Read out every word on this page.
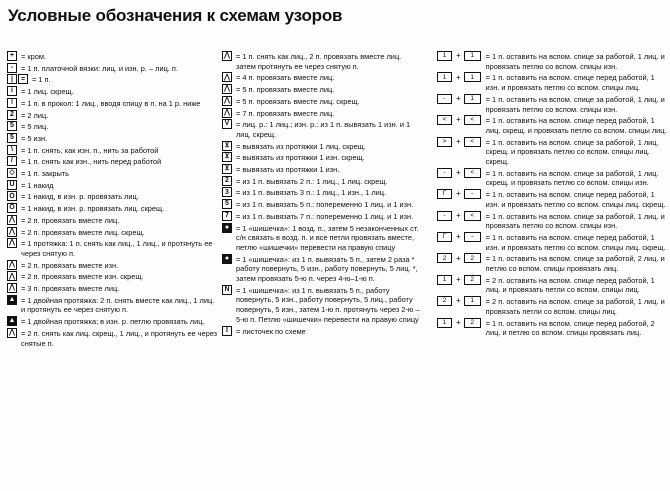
Условные обозначения к схемам узоров
+ = кром.
-	= 1 п. платочной вязки: лиц. и изн. р. – лиц. п.
|	= = 1 п.
Ꭵ	= 1 лиц. скрещ.
ǀ	= 1 п. в прокол: 1 лиц., вводя спицу в п. на 1 р. ниже
2 = 2 лиц.
5 = 5 лиц.
5 = 5 изн.
\	= 1 п. снять, как изн. п., нить за работой
/	= 1 п. снять как изн., нить перед работой
◇ = 1 п. закрыть
U = 1 накид
Ö = 1 накид, в изн. р. провязать лиц.
Ö = 1 накид, в изн. р. провязать лиц. скрещ.
⋀ = 2 п. провязать вместе лиц.
⋀ = 2 п. провязать вместе лиц. скрещ.
⋀ = 1 протяжка: 1 п. снять как лиц., 1 лиц., и протянуть ее через снятую п.
⋀ = 2 п. провязать вместе изн.
⋀ = 2 п. провязать вместе изн. скрещ.
⋀ = 3 п. провязать вместе лиц.
▲ = 1 двойная протяжка: 2 п. снять вместе как лиц., 1 лиц. и протянуть ее через снятую п.
▲ = 1 двойная протяжка; в изн. р. петлю провязать лиц.
⋀ = 2 п. снять как лиц. скрещ., 1 лиц., и протянуть ее через снятые п.
⋀ = 1 п. снять как лиц., 2 п. провязать вместе лиц. затем протянуть ее через снятую п.
⋀ = 4 п. провязать вместе лиц.
⋀ = 5 п. провязать вместе лиц.
⋀ = 5 п. провязать вместе лиц. скрещ.
⋀ = 7 п. провязать вместе лиц.
V = лиц. р.: 1 лиц.; изн. р.: из 1 п. вывязать 1 изн. и 1 лиц. скрещ.
⊻ = вывязать из протяжки 1 лиц. скрещ.
⊻ = вывязать из протяжки 1 изн. скрещ.
⊻ = вывязать из протяжки 1 изн.
2 = из 1 п. вывязать 2 п.: 1 лиц., 1 лиц. скрещ.
3 = из 1 п. вывязать 3 п.: 1 лиц., 1 изн., 1 лиц.
5 = из 1 п. вывязать 5 п.: попеременно 1 лиц. и 1 изн.
7 = из 1 п. вывязать 7 п.: попеременно 1 лиц. и 1 изн.
● = 1 «шишечка»: 1 возд. п., затем 5 незаконченных ст. с/н связать в возд. п. и все петли провязать вместе, петлю «шишечки» перевести на правую спицу
● = 1 «шишечка»: из 1 п. вывязать 5 п., затем 2 раза * работу повернуть, 5 изн., работу повернуть, 5 лиц. *, затем провязать 5-ю п. через 4-ю–1-ю п.
N = 1 «шишечка»: из 1 п. вывязать 5 п., работу повернуть, 5 изн., работу повернуть, 5 лиц., работу повернуть, 5 изн., затем 1-ю п. протянуть через 2-ю – 5-ю п. Петлю «шишечки» перевести на правую спицу
I	= листочек по схеме
1	+	1	= 1 п. оставить на вспом. спице за работой, 1 лиц. и провязать петлю со вспом. спицы изн.
1	+	1	= 1 п. оставить на вспом. спице перед работой, 1 изн. и провязать петлю со вспом. спицы лиц.
-	+	1	= 1 п. оставить на вспом. спице за работой, 1 лиц. и провязать петлю со вспом. спицы изн.
<	+	<	= 1 п. оставить на вспом. спице перед работой, 1 лиц. скрещ. и провязать петлю со вспом. спицы лиц.
>	+	<	= 1 п. оставить на вспом. спице за работой, 1 лиц. скрещ. и провязать петлю со вспом. спицы лиц. скрещ.
-	+	<	= 1 п. оставить на вспом. спице за работой, 1 лиц. скрещ. и провязать петлю со вспом. спицы изн.
Г	+	-	= 1 п. оставить на вспом. спице перед работой, 1 изн. и провязать петлю со вспом. спицы лиц. скрещ.
-	+	<	= 1 п. оставить на вспом. спице за работой, 1 лиц. и провязать петлю со вспом. спицы изн.
Г	+	-	= 1 п. оставить на вспом. спице перед работой, 1 изн. и провязать петлю со вспом. спицы лиц. скрещ.
2	+	2	= 1 п. оставить на вспом. спице за работой, 2 лиц. и петлю со вспом. спицы провязать лиц.
1	+	2	= 2 п. оставить на вспом. спице перед работой, 1 лиц. и провязать петли со вспом. спицы лиц.
2	+	1	= 2 п. оставить на вспом. спице за работой, 1 лиц. и провязать петли со вспом. спицы лиц.
1	+	2	= 1 п. оставить на вспом. спице перед работой, 2 лиц. и петлю со вспом. спицы провязать лиц.
